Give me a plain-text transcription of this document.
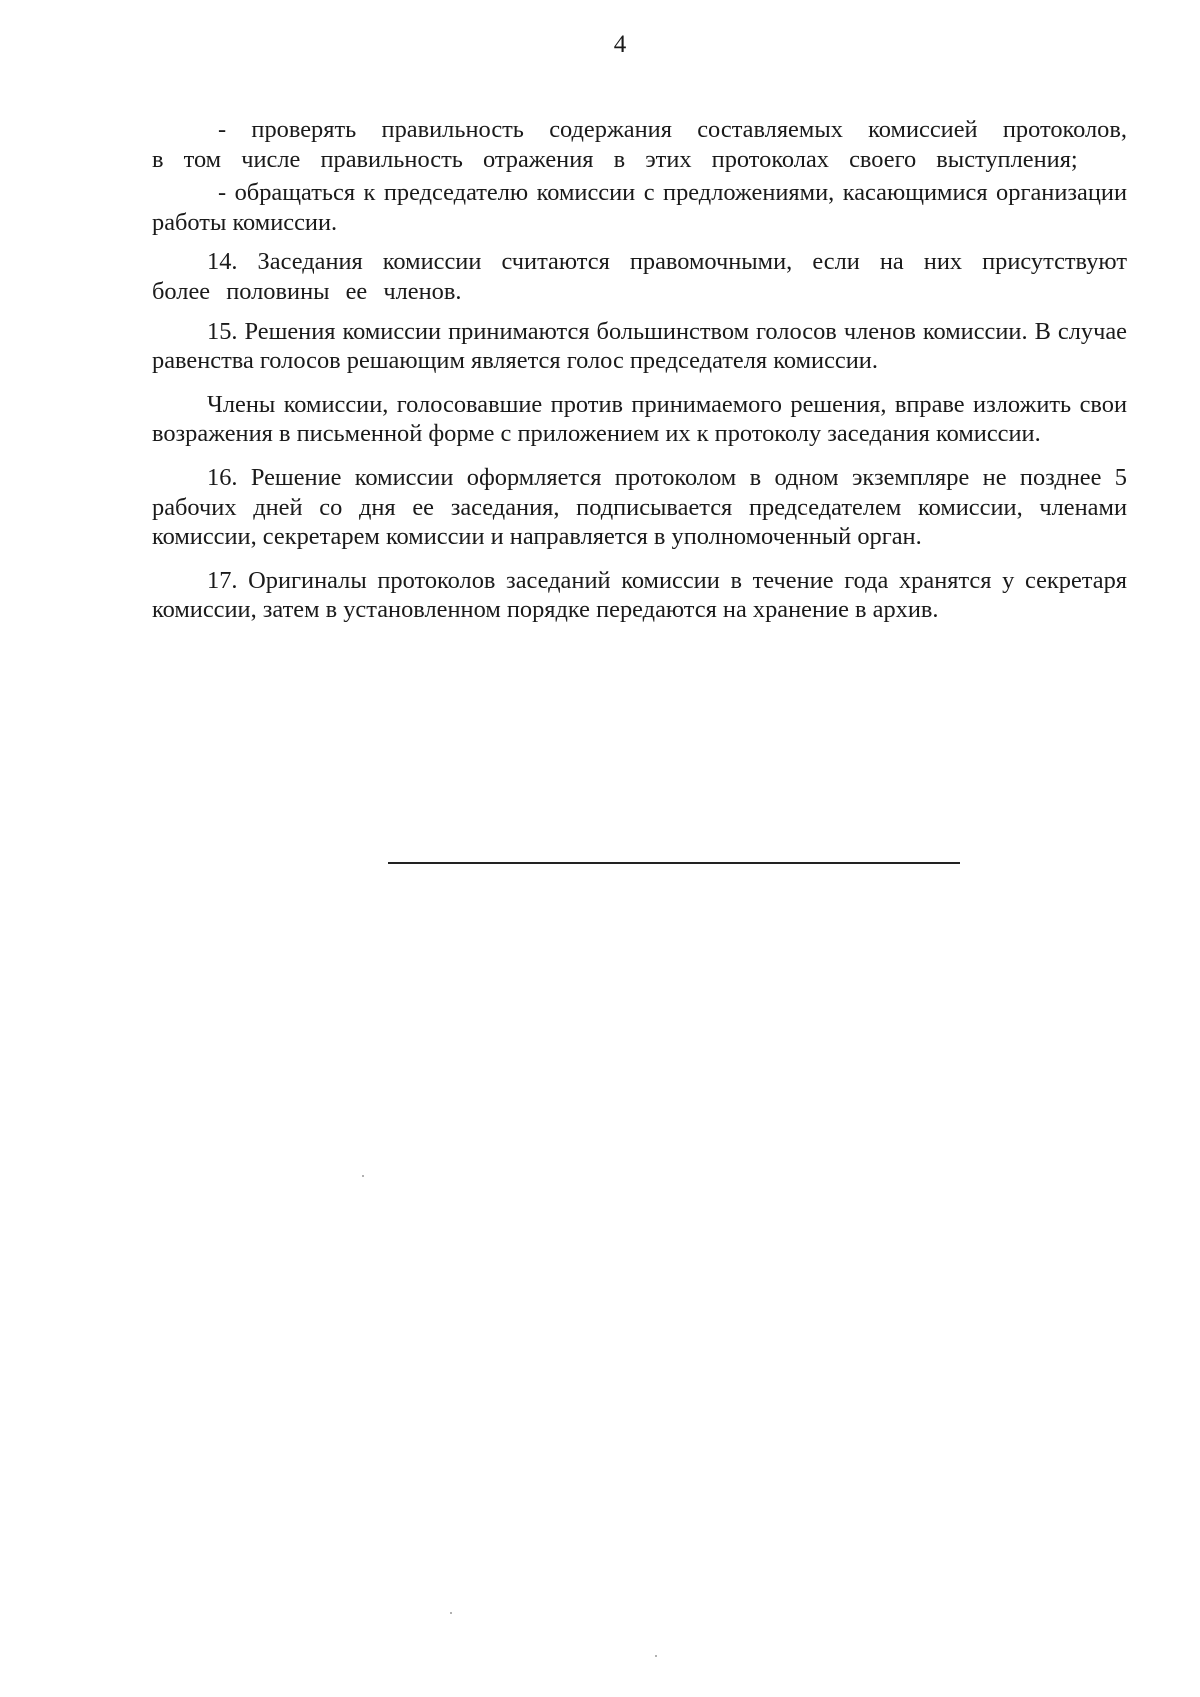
4

- проверять правильность содержания составляемых комиссией протоколов, в том числе правильность отражения в этих протоколах своего выступления;

- обращаться к председателю комиссии с предложениями, касающимися организации работы комиссии.

14. Заседания комиссии считаются правомочными, если на них присутствуют более половины ее членов.

15. Решения комиссии принимаются большинством голосов членов комиссии. В случае равенства голосов решающим является голос председателя комиссии.

Члены комиссии, голосовавшие против принимаемого решения, вправе изложить свои возражения в письменной форме с приложением их к протоколу заседания комиссии.

16. Решение комиссии оформляется протоколом в одном экземпляре не позднее 5 рабочих дней со дня ее заседания, подписывается председателем комиссии, членами комиссии, секретарем комиссии и направляется в уполномоченный орган.

17. Оригиналы протоколов заседаний комиссии в течение года хранятся у секретаря комиссии, затем в установленном порядке передаются на хранение в архив.
